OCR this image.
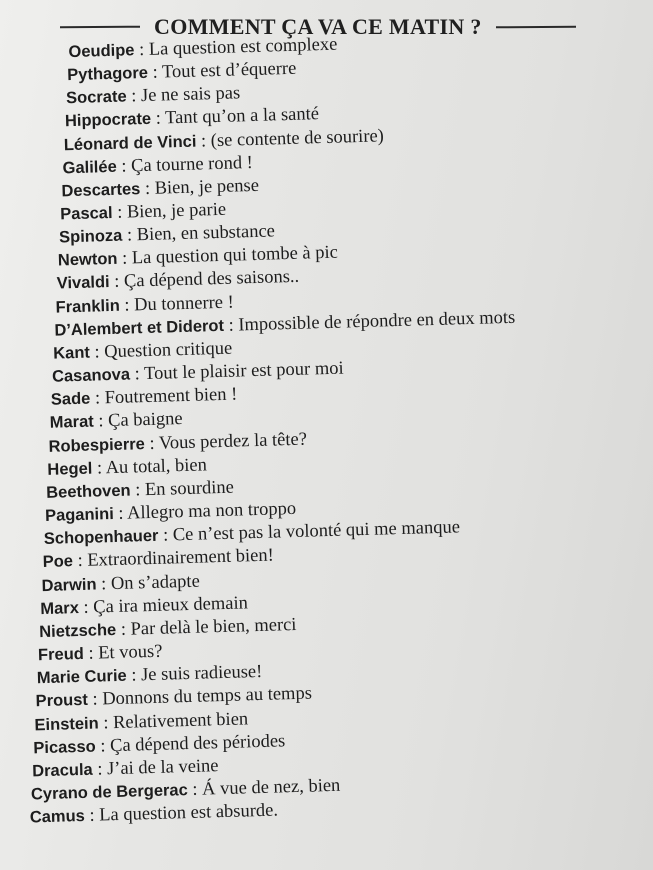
COMMENT ÇA VA CE MATIN ?
Oeudipe : La question est complexe
Pythagore : Tout est d’équerre
Socrate : Je ne sais pas
Hippocrate : Tant qu’on a la santé
Léonard de Vinci : (se contente de sourire)
Galilée : Ça tourne rond !
Descartes : Bien, je pense
Pascal : Bien, je parie
Spinoza : Bien, en substance
Newton : La question qui tombe à pic
Vivaldi : Ça dépend des saisons..
Franklin : Du tonnerre !
D’Alembert et Diderot : Impossible de répondre en deux mots
Kant : Question critique
Casanova : Tout le plaisir est pour moi
Sade : Foutrement bien !
Marat : Ça baigne
Robespierre : Vous perdez la tête?
Hegel : Au total, bien
Beethoven : En sourdine
Paganini : Allegro ma non troppo
Schopenhauer : Ce n’est pas la volonté qui me manque
Poe : Extraordinairement bien!
Darwin : On s’adapte
Marx : Ça ira mieux demain
Nietzsche : Par delà le bien, merci
Freud : Et vous?
Marie Curie : Je suis radieuse!
Proust : Donnons du temps au temps
Einstein : Relativement bien
Picasso : Ça dépend des périodes
Dracula : J’ai de la veine
Cyrano de Bergerac : Á vue de nez, bien
Camus : La question est absurde.
